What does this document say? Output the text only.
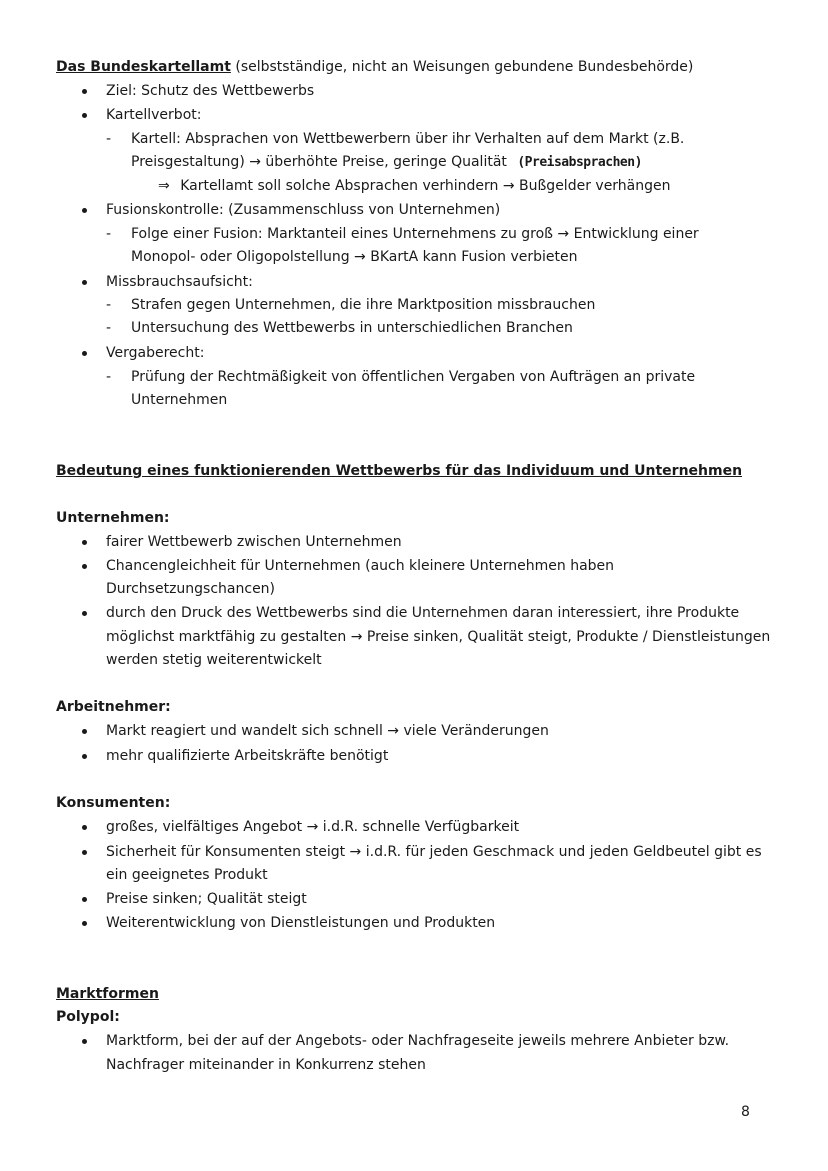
Das Bundeskartellamt (selbstständige, nicht an Weisungen gebundene Bundesbehörde)
Ziel: Schutz des Wettbewerbs
Kartellverbot:
- Kartell: Absprachen von Wettbewerbern über ihr Verhalten auf dem Markt (z.B.
Preisgestaltung) → überhöhte Preise, geringe Qualität (Preisabsprachen)
⇒ Kartellamt soll solche Absprachen verhindern → Bußgelder verhängen
Fusionskontrolle: (Zusammenschluss von Unternehmen)
- Folge einer Fusion: Marktanteil eines Unternehmens zu groß → Entwicklung einer
Monopol- oder Oligopolstellung → BKartA kann Fusion verbieten
Missbrauchsaufsicht:
- Strafen gegen Unternehmen, die ihre Marktposition missbrauchen
- Untersuchung des Wettbewerbs in unterschiedlichen Branchen
Vergaberecht:
- Prüfung der Rechtmäßigkeit von öffentlichen Vergaben von Aufträgen an private
Unternehmen
Bedeutung eines funktionierenden Wettbewerbs für das Individuum und Unternehmen
Unternehmen:
fairer Wettbewerb zwischen Unternehmen
Chancengleichheit für Unternehmen (auch kleinere Unternehmen haben
Durchsetzungschancen)
durch den Druck des Wettbewerbs sind die Unternehmen daran interessiert, ihre Produkte
möglichst marktfähig zu gestalten → Preise sinken, Qualität steigt, Produkte / Dienstleistungen
werden stetig weiterentwickelt
Arbeitnehmer:
Markt reagiert und wandelt sich schnell → viele Veränderungen
mehr qualifizierte Arbeitskräfte benötigt
Konsumenten:
großes, vielfältiges Angebot → i.d.R. schnelle Verfügbarkeit
Sicherheit für Konsumenten steigt → i.d.R. für jeden Geschmack und jeden Geldbeutel gibt es
ein geeignetes Produkt
Preise sinken; Qualität steigt
Weiterentwicklung von Dienstleistungen und Produkten
Marktformen
Polypol:
Marktform, bei der auf der Angebots- oder Nachfrageseite jeweils mehrere Anbieter bzw.
Nachfrager miteinander in Konkurrenz stehen
8
